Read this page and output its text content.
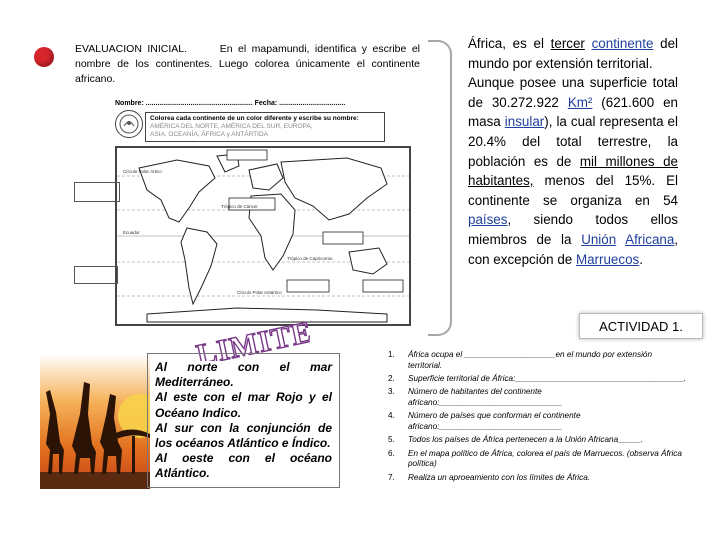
EVALUACION INICIAL.	En el mapamundi, identifica y escribe el nombre de los continentes. Luego colorea únicamente el continente africano.
Nombre: ....................................................... Fecha: ..................................
Colorea cada continente de un color diferente y escribe su nombre:
AMÉRICA DEL NORTE, AMÉRICA DEL SUR, EUROPA,
ASIA, OCEANÍA, ÁFRICA y ANTÁRTIDA
Círculo Polar Ártico
Trópico de Cáncer
Ecuador
Trópico de Capricornio
Círculo Polar Antártico
África, es el tercer continente del mundo por extensión territorial.
Aunque posee una superficie total de 30.272.922 Km² (621.600 en masa insular), la cual representa el 20.4% del total terrestre, la población es de mil millones de habitantes, menos del 15%. El continente se organiza en 54 países, siendo todos ellos miembros de la Unión Africana, con excepción de Marruecos.
LIMITES

Al norte con el mar Mediterráneo.

Al este con el mar Rojo y el Océano Indico.

Al sur con la conjunción de los océanos Atlántico e Índico.

Al oeste con el océano Atlántico.

ACTIVIDAD 1.
1. África ocupa el ____________________en el mundo por extensión territorial.
2. Superficie territorial de África:_____________________________________.
3. Número de habitantes del continente africano:___________________________
4. Número de países que conforman el continente africano:___________________________
5. Todos los países de África pertenecen a la Unión Africana_____.
6. En el mapa político de África, colorea el país de Marruecos. (observa África política)
7. Realiza un aproeamiento con los límites de África.
